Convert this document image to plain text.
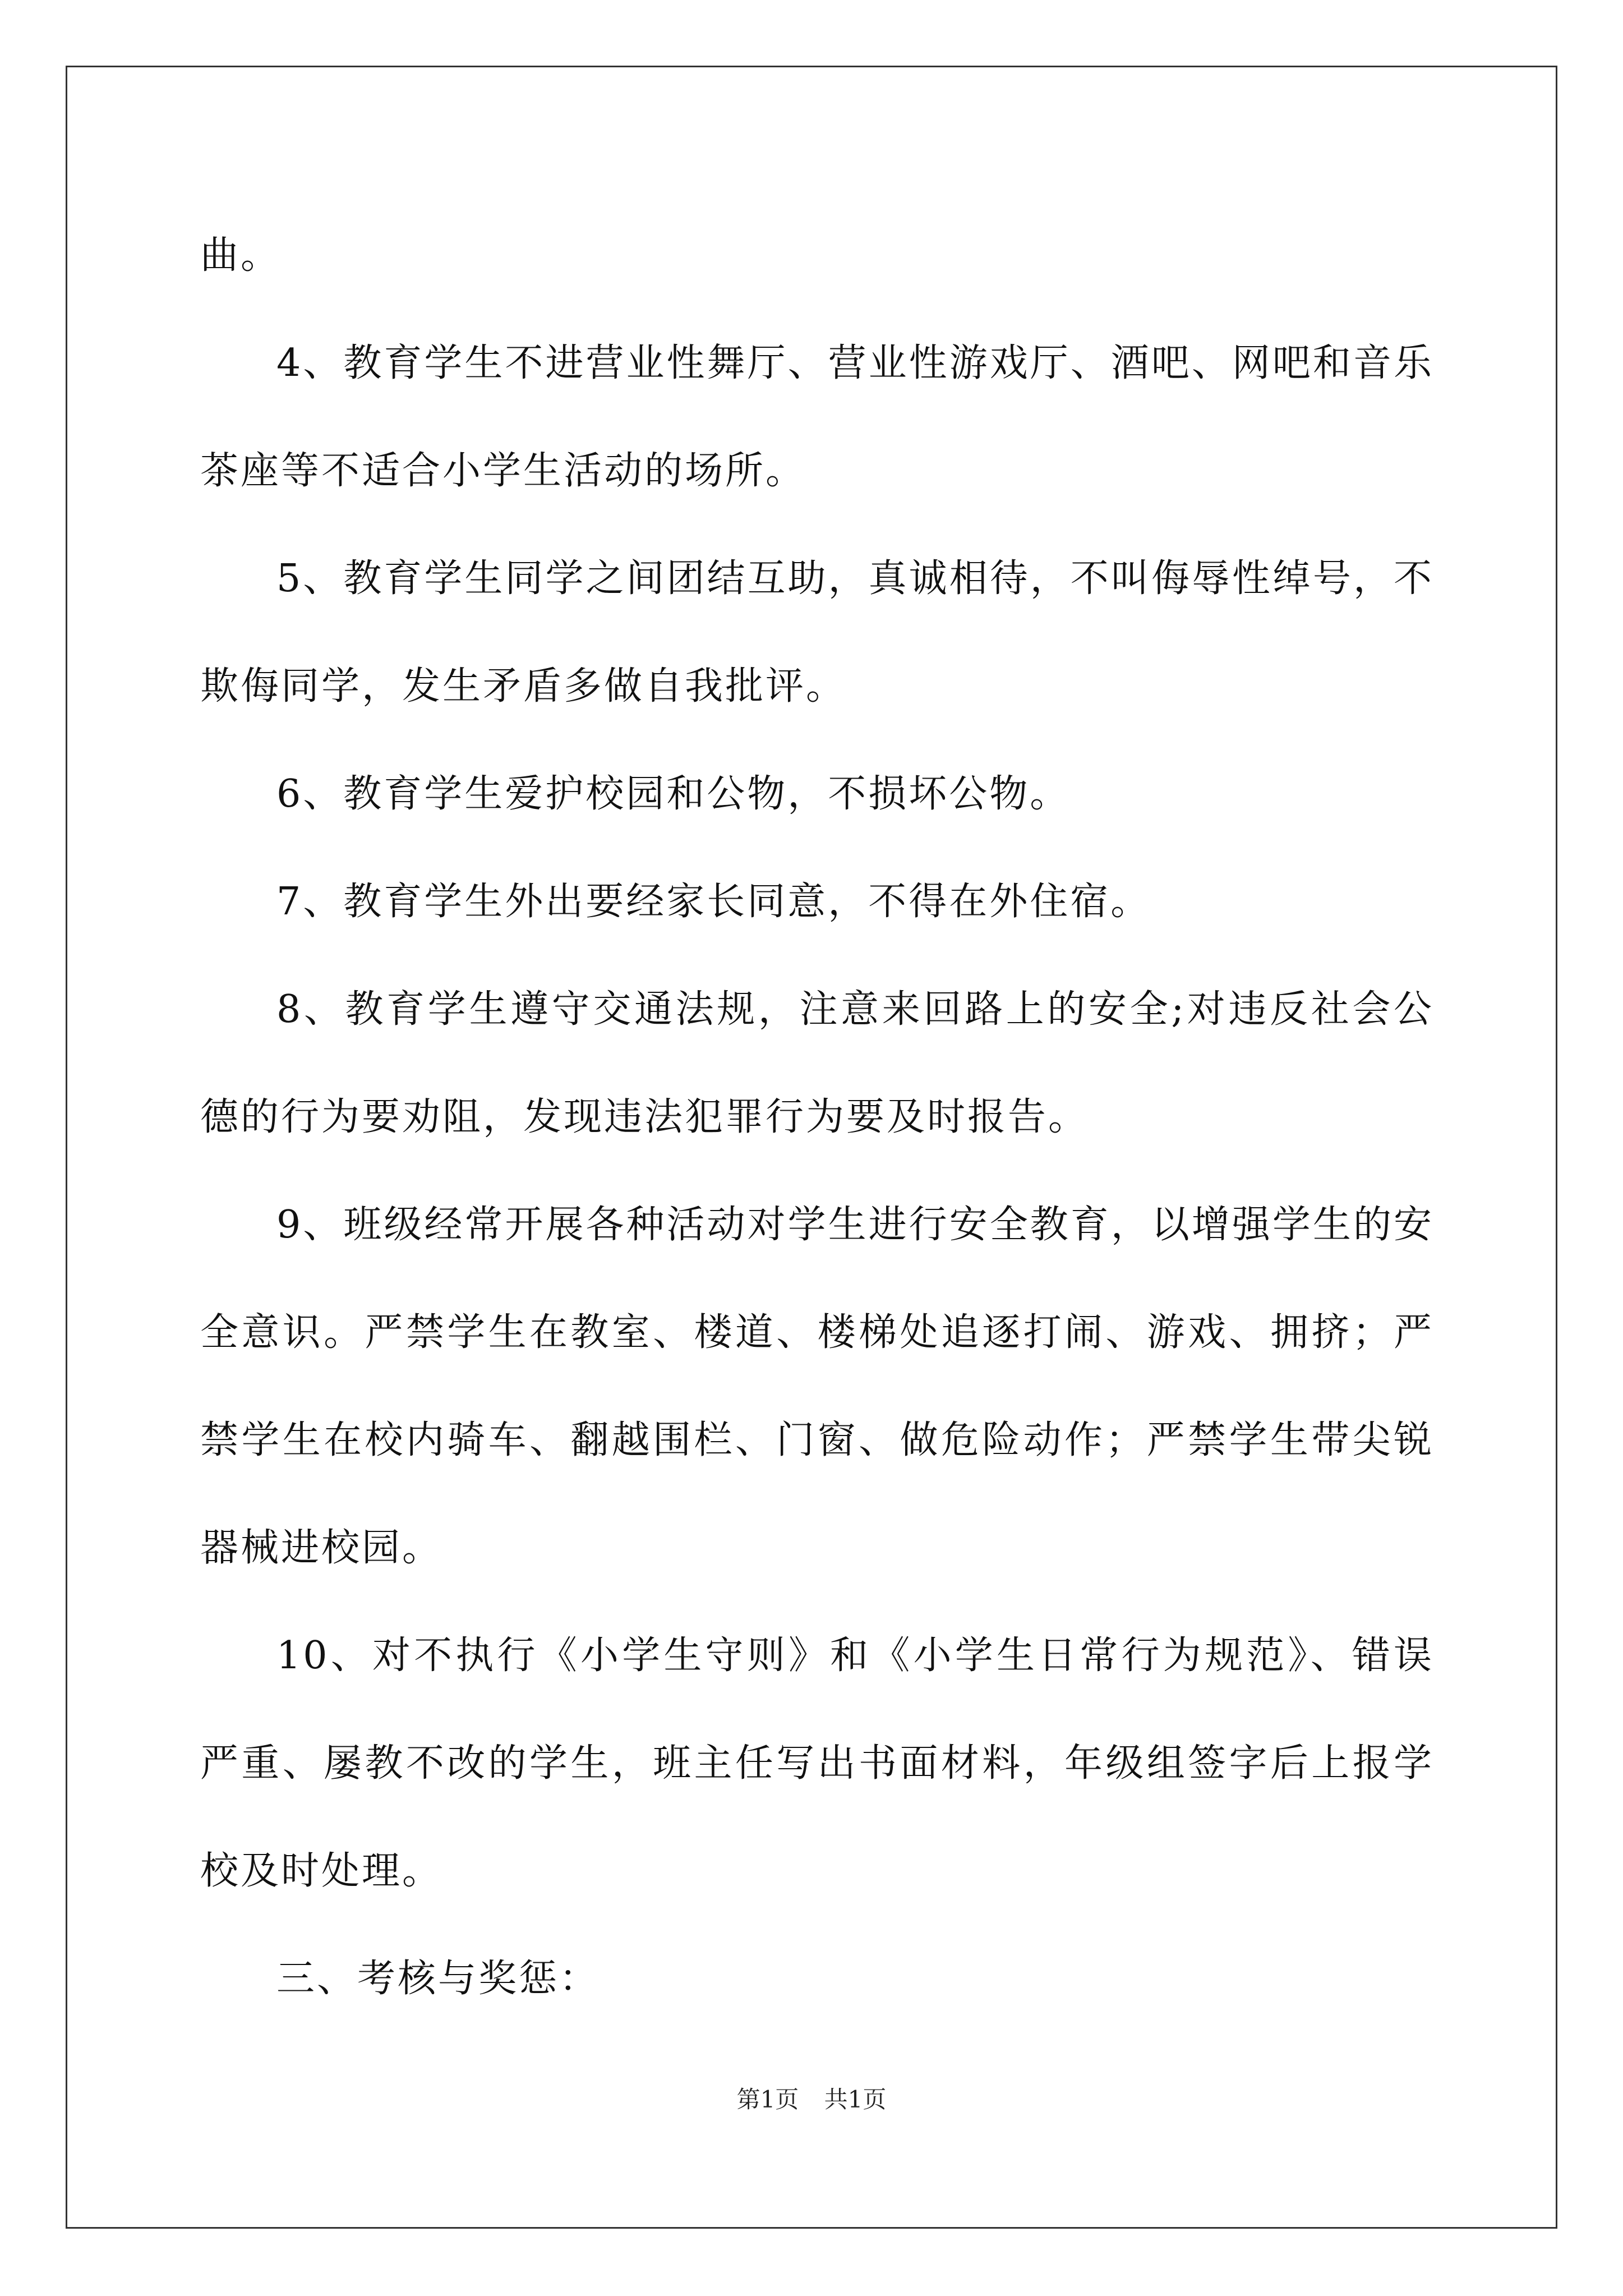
曲。

4、教育学生不进营业性舞厅、营业性游戏厅、酒吧、网吧和音乐茶座等不适合小学生活动的场所。

5、教育学生同学之间团结互助，真诚相待，不叫侮辱性绰号，不欺侮同学，发生矛盾多做自我批评。

6、教育学生爱护校园和公物，不损坏公物。

7、教育学生外出要经家长同意，不得在外住宿。

8、教育学生遵守交通法规，注意来回路上的安全;对违反社会公德的行为要劝阻，发现违法犯罪行为要及时报告。

9、班级经常开展各种活动对学生进行安全教育，以增强学生的安全意识。严禁学生在教室、楼道、楼梯处追逐打闹、游戏、拥挤；严禁学生在校内骑车、翻越围栏、门窗、做危险动作；严禁学生带尖锐器械进校园。

10、对不执行《小学生守则》和《小学生日常行为规范》、错误严重、屡教不改的学生，班主任写出书面材料，年级组签字后上报学校及时处理。

三、考核与奖惩：

第1页 共1页
